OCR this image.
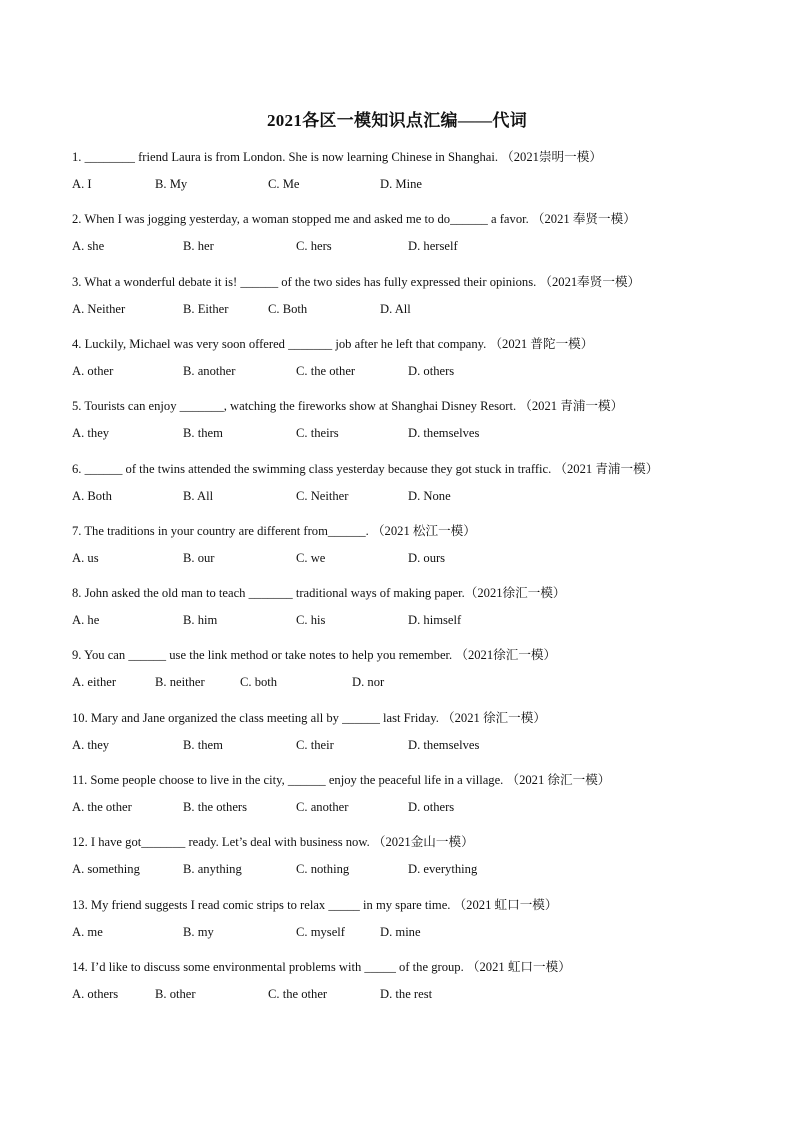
2021各区一模知识点汇编——代词
1. ________ friend Laura is from London. She is now learning Chinese in Shanghai. （2021崇明一模）
A. I	B. My	C. Me	D. Mine
2. When I was jogging yesterday, a woman stopped me and asked me to do______ a favor. （2021 奉贤一模）
A. she	B. her	C. hers	D. herself
3. What a wonderful debate it is! ______ of the two sides has fully expressed their opinions. （2021奉贤一模）
A. Neither	B. Either	C. Both	D. All
4. Luckily, Michael was very soon offered _______ job after he left that company. （2021 普陀一模）
A. other	B. another	C. the other	D. others
5. Tourists can enjoy _______, watching the fireworks show at Shanghai Disney Resort. （2021 青浦一模）
A. they	B. them	C. theirs	D. themselves
6. ______ of the twins attended the swimming class yesterday because they got stuck in traffic. （2021 青浦一模）
A. Both	B. All	C. Neither	D. None
7. The traditions in your country are different from______. （2021 松江一模）
A. us	B. our	C. we	D. ours
8. John asked the old man to teach _______ traditional ways of making paper.（2021徐汇一模）
A. he	B. him	C. his	D. himself
9. You can ______ use the link method or take notes to help you remember. （2021徐汇一模）
A. either	B. neither	C. both	D. nor
10. Mary and Jane organized the class meeting all by ______ last Friday. （2021 徐汇一模）
A. they	B. them	C. their	D. themselves
11. Some people choose to live in the city, ______ enjoy the peaceful life in a village. （2021 徐汇一模）
A. the other	B. the others	C. another	D. others
12. I have got_______ ready. Let’s deal with business now. （2021金山一模）
A. something	B. anything	C. nothing	D. everything
13. My friend suggests I read comic strips to relax _____ in my spare time. （2021 虹口一模）
A. me	B. my	C. myself	D. mine
14. I’d like to discuss some environmental problems with _____ of the group. （2021 虹口一模）
A. others	B. other	C. the other	D. the rest
